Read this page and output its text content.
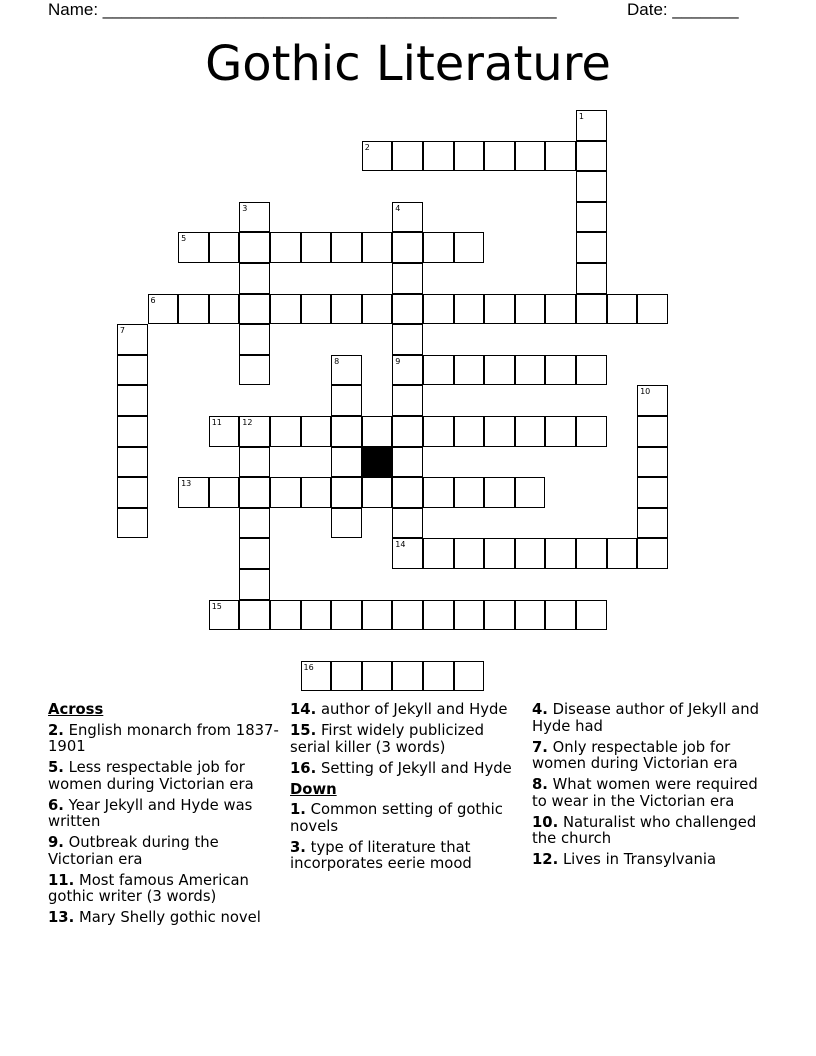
Name: ________________________________________________	Date: _______
Gothic Literature
1
2
3	4
9
14
5
6
7
8
10
11	12
13
15
16
Across
2. English monarch from 1837-1901
5. Less respectable job for women during Victorian era
6. Year Jekyll and Hyde was written
9. Outbreak during the Victorian era
11. Most famous American gothic writer (3 words)
13. Mary Shelly gothic novel
14. author of Jekyll and Hyde
15. First widely publicized serial killer (3 words)
16. Setting of Jekyll and Hyde
Down
1. Common setting of gothic novels
3. type of literature that incorporates eerie mood
4. Disease author of Jekyll and Hyde had
7. Only respectable job for women during Victorian era
8. What women were required to wear in the Victorian era
10. Naturalist who challenged the church
12. Lives in Transylvania
